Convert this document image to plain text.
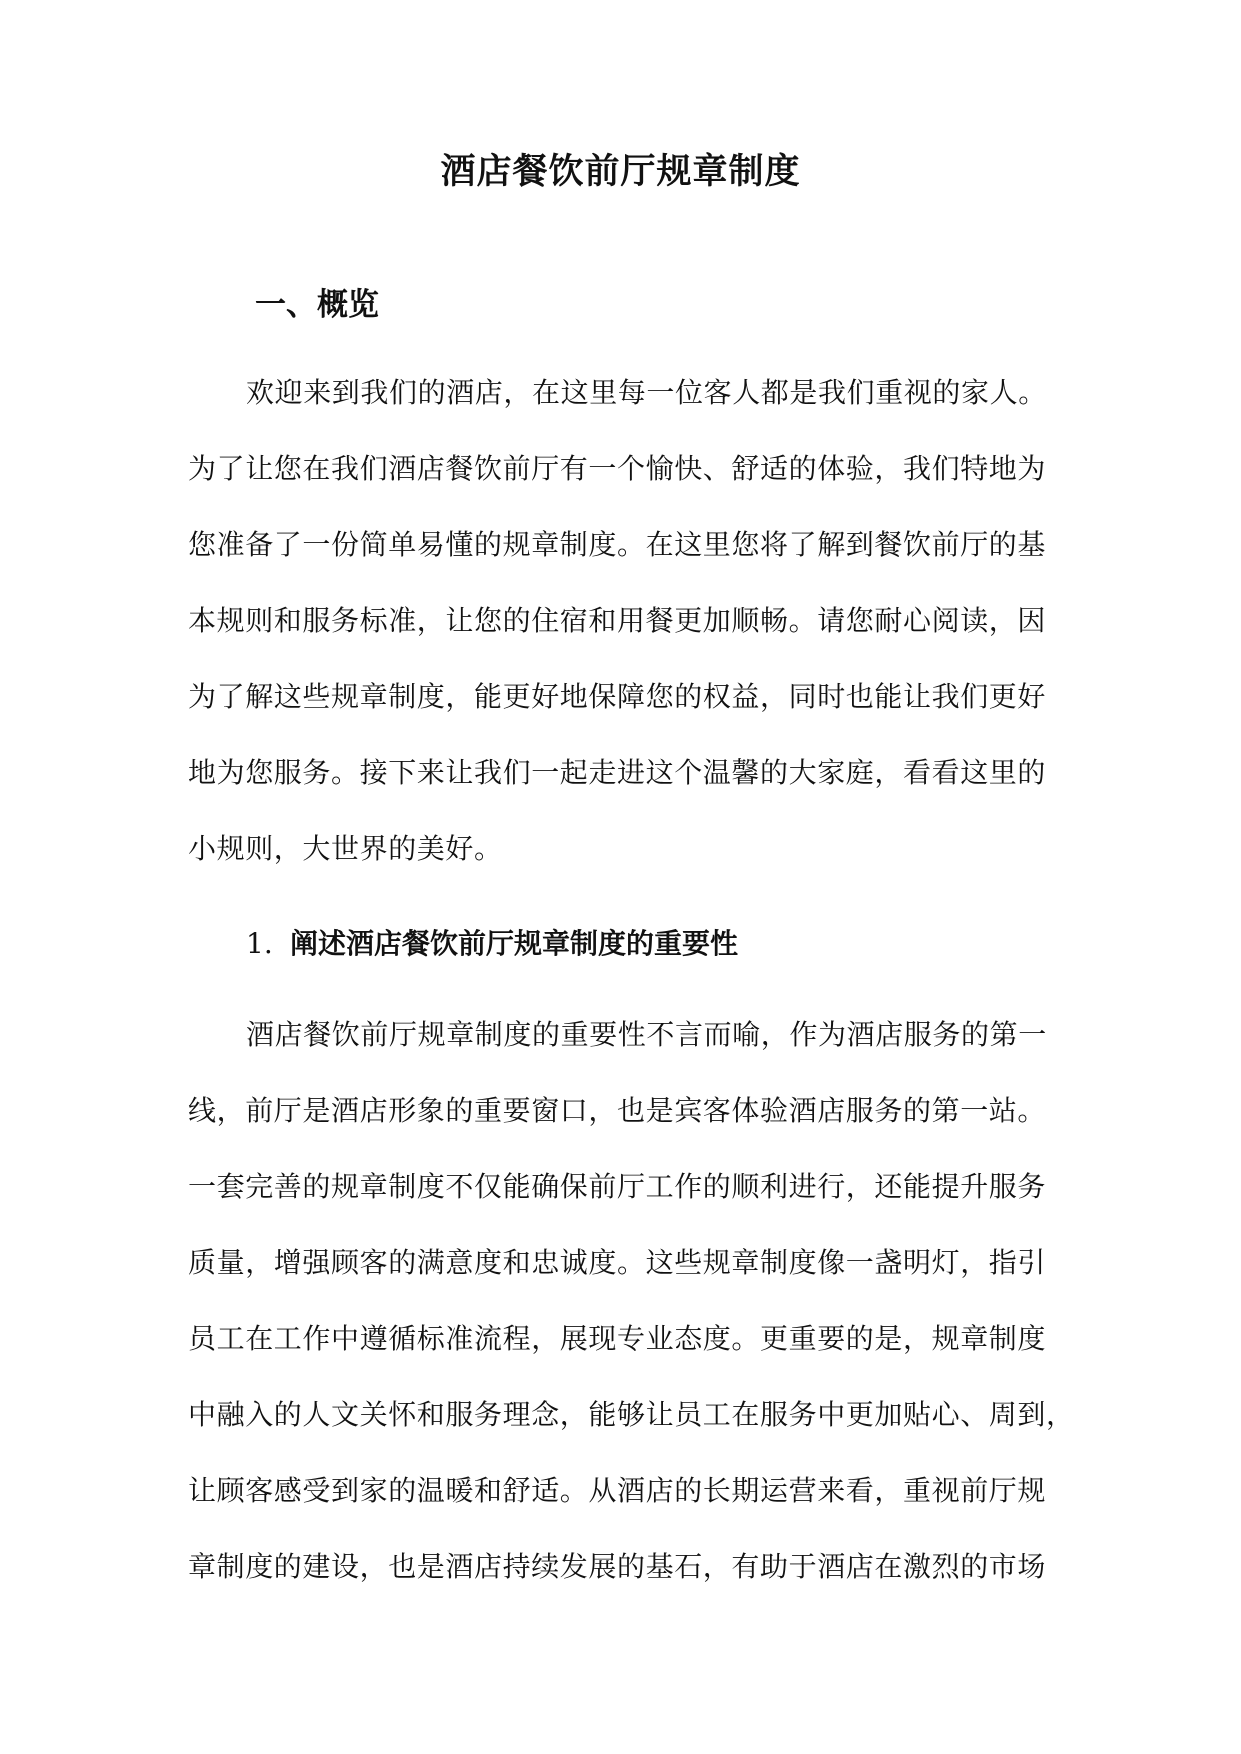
酒店餐饮前厅规章制度
一、概览
欢迎来到我们的酒店，在这里每一位客人都是我们重视的家人。
为了让您在我们酒店餐饮前厅有一个愉快、舒适的体验，我们特地为
您准备了一份简单易懂的规章制度。在这里您将了解到餐饮前厅的基
本规则和服务标准，让您的住宿和用餐更加顺畅。请您耐心阅读，因
为了解这些规章制度，能更好地保障您的权益，同时也能让我们更好
地为您服务。接下来让我们一起走进这个温馨的大家庭，看看这里的
小规则，大世界的美好。
1. 阐述酒店餐饮前厅规章制度的重要性
酒店餐饮前厅规章制度的重要性不言而喻，作为酒店服务的第一
线，前厅是酒店形象的重要窗口，也是宾客体验酒店服务的第一站。
一套完善的规章制度不仅能确保前厅工作的顺利进行，还能提升服务
质量，增强顾客的满意度和忠诚度。这些规章制度像一盏明灯，指引
员工在工作中遵循标准流程，展现专业态度。更重要的是，规章制度
中融入的人文关怀和服务理念，能够让员工在服务中更加贴心、周到，
让顾客感受到家的温暖和舒适。从酒店的长期运营来看，重视前厅规
章制度的建设，也是酒店持续发展的基石，有助于酒店在激烈的市场
